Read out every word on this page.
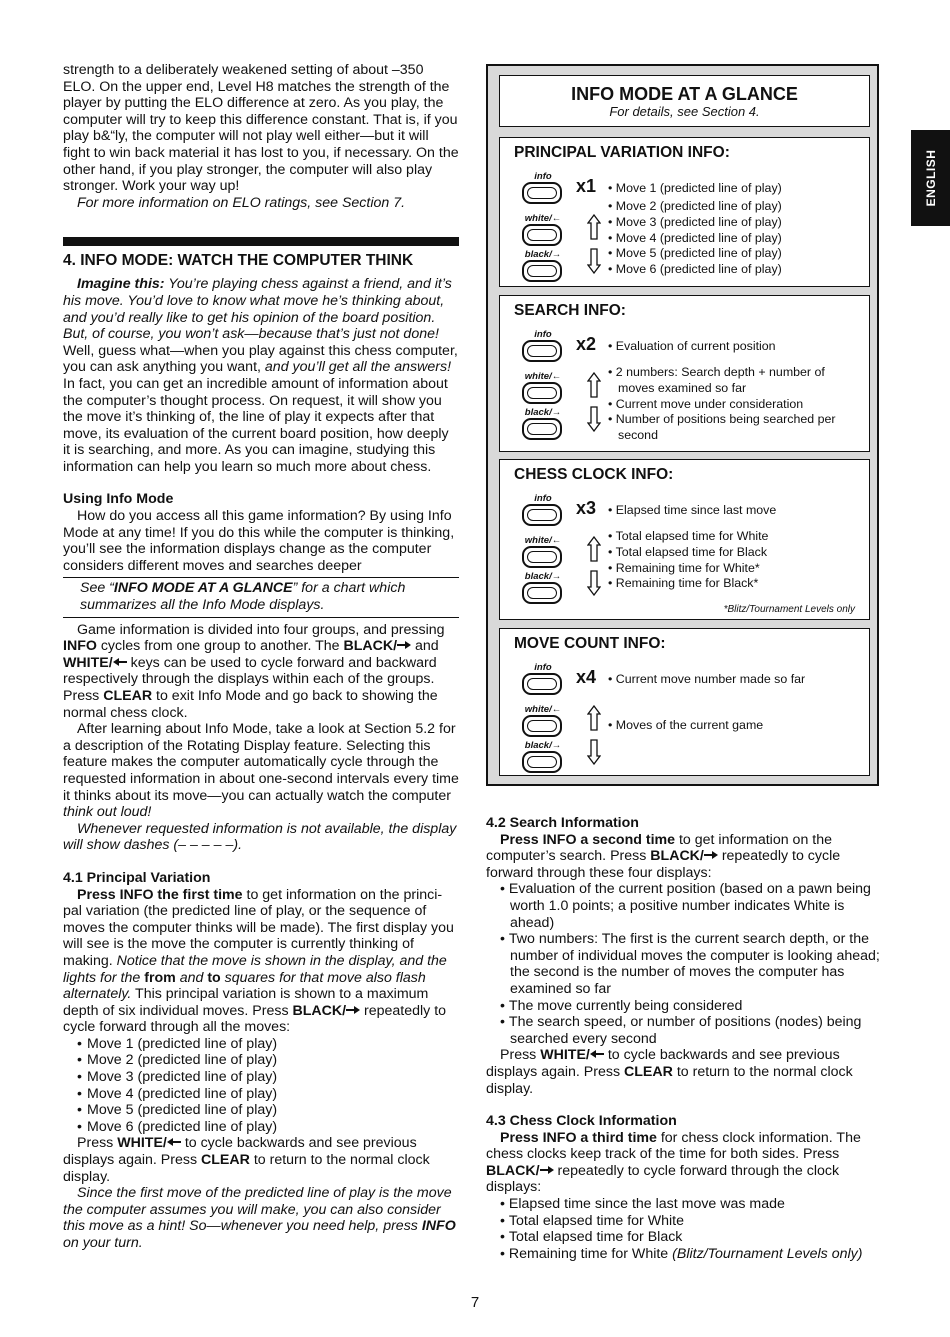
ENGLISH

strength to a deliberately weakened setting of about –350 ELO. On the upper end, Level H8 matches the strength of the player by putting the ELO difference at zero. As you play, the computer will try to keep this difference constant. That is, if you play b&“ly, the computer will not play well either—but it will fight to win back material it has lost to you, if necessary. On the other hand, if you play stronger, the computer will also play stronger. Work your way up!

For more information on ELO ratings, see Section 7.

4. INFO MODE: WATCH THE COMPUTER THINK

Imagine this: You’re playing chess against a friend, and it’s his move. You’d love to know what move he’s thinking about, and you’d really like to get his opinion of the board position. But, of course, you won’t ask—because that’s just not done! Well, guess what—when you play against this chess computer, you can ask anything you want, and you’ll get all the answers! In fact, you can get an incredible amount of information about the computer’s thought process. On request, it will show you the move it’s thinking of, the line of play it expects after that move, its evaluation of the current board position, how deeply it is searching, and more. As you can imagine, studying this information can help you learn so much more about chess.

Using Info Mode

How do you access all this game information? By using Info Mode at any time! If you do this while the computer is thinking, you’ll see the information displays change as the computer considers different moves and searches deeper

See “INFO MODE AT A GLANCE” for a chart which summarizes all the Info Mode displays.

Game information is divided into four groups, and pressing INFO cycles from one group to another. The BLACK/ and
WHITE/ keys can be used to cycle forward and backward respectively through the displays within each of the groups. Press CLEAR to exit Info Mode and go back to showing the normal chess clock.

After learning about Info Mode, take a look at Section 5.2 for a description of the Rotating Display feature. Selecting this feature makes the computer automatically cycle through the requested information in about one-second intervals every time it thinks about its move—you can actually watch the computer think out loud!

Whenever requested information is not available, the display will show dashes (– – – – –).

4.1 Principal Variation

Press INFO the first time to get information on the princi-pal variation (the predicted line of play, or the sequence of moves the computer thinks will be made). The first display you will see is the move the computer is currently thinking of making. Notice that the move is shown in the display, and the lights for the from and to squares for that move also flash alternately. This principal variation is shown to a maximum depth of six individual moves. Press BLACK/ repeatedly to cycle forward through all the moves:

• Move 1 (predicted line of play)
• Move 2 (predicted line of play)
• Move 3 (predicted line of play)
• Move 4 (predicted line of play)
• Move 5 (predicted line of play)
• Move 6 (predicted line of play)

Press WHITE/ to cycle backwards and see previous displays again. Press CLEAR to return to the normal clock display.

Since the first move of the predicted line of play is the move the computer assumes you will make, you can also consider this move as a hint! So—whenever you need help, press INFO on your turn.

INFO MODE AT A GLANCE
For details, see Section 4.
PRINCIPAL VARIATION INFO:
info	x1	• Move 1 (predicted line of play)
white/←
black/→
• Move 2 (predicted line of play)
• Move 3 (predicted line of play)
• Move 4 (predicted line of play)
• Move 5 (predicted line of play)
• Move 6 (predicted line of play)
SEARCH INFO:
info	x2	• Evaluation of current position
white/←
black/→
• 2 numbers: Search depth + number of moves examined so far
• Current move under consideration
• Number of positions being searched per second
CHESS CLOCK INFO:
info	x3	• Elapsed time since last move
white/←
black/→
• Total elapsed time for White
• Total elapsed time for Black
• Remaining time for White*
• Remaining time for Black*
*Blitz/Tournament Levels only
MOVE COUNT INFO:
info	x4	• Current move number made so far
white/←
black/→
• Moves of the current game
4.2 Search Information

Press INFO a second time to get information on the computer’s search. Press BLACK/ repeatedly to cycle forward through these four displays:

• Evaluation of the current position (based on a pawn being worth 1.0 points; a positive number indicates White is ahead)
• Two numbers: The first is the current search depth, or the number of individual moves the computer is looking ahead; the second is the number of moves the computer has examined so far
• The move currently being considered
• The search speed, or number of positions (nodes) being searched every second

Press WHITE/ to cycle backwards and see previous displays again. Press CLEAR to return to the normal clock display.

4.3 Chess Clock Information

Press INFO a third time for chess clock information. The chess clocks keep track of the time for both sides. Press BLACK/ repeatedly to cycle forward through the clock displays:

• Elapsed time since the last move was made
• Total elapsed time for White
• Total elapsed time for Black
• Remaining time for White (Blitz/Tournament Levels only)
7
